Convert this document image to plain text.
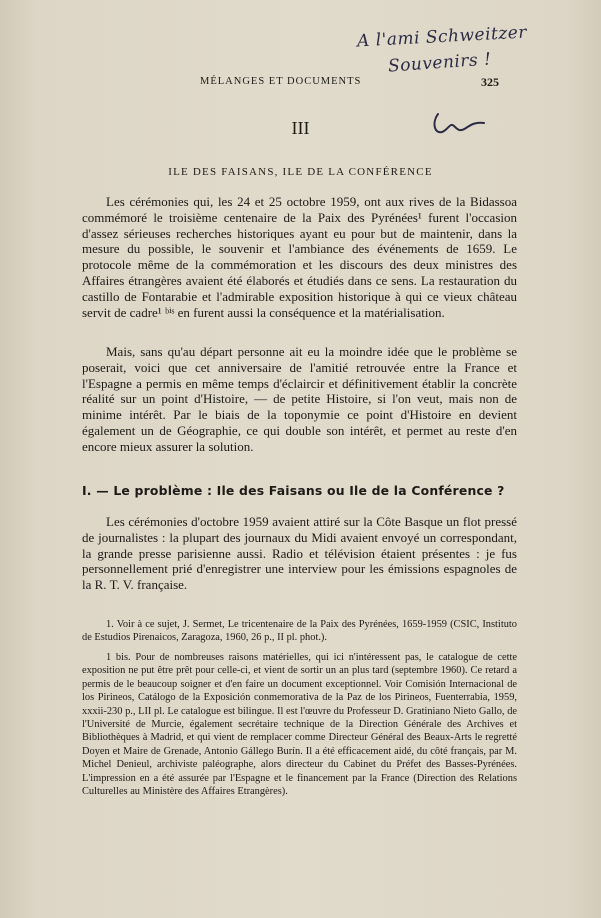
A l'ami Schweitzer
Souvenirs !
MÉLANGES ET DOCUMENTS	325
III
ILE DES FAISANS, ILE DE LA CONFÉRENCE

Les cérémonies qui, les 24 et 25 octobre 1959, ont aux rives de la Bidassoa commémoré le troisième centenaire de la Paix des Pyrénées¹ furent l'occasion d'assez sérieuses recherches historiques ayant eu pour but de maintenir, dans la mesure du possible, le souvenir et l'ambiance des événements de 1659. Le protocole même de la commémoration et les discours des deux ministres des Affaires étrangères avaient été élaborés et étudiés dans ce sens. La restauration du castillo de Fontarabie et l'admirable exposition historique à qui ce vieux château servit de cadre¹ ᵇⁱˢ en furent aussi la conséquence et la matérialisation.

Mais, sans qu'au départ personne ait eu la moindre idée que le problème se poserait, voici que cet anniversaire de l'amitié retrouvée entre la France et l'Espagne a permis en même temps d'éclaircir et définitivement établir la concrète réalité sur un point d'Histoire, — de petite Histoire, si l'on veut, mais non de minime intérêt. Par le biais de la toponymie ce point d'Histoire en devient également un de Géographie, ce qui double son intérêt, et permet au reste d'en encore mieux assurer la solution.

I. — Le problème : Ile des Faisans ou Ile de la Conférence ?

Les cérémonies d'octobre 1959 avaient attiré sur la Côte Basque un flot pressé de journalistes : la plupart des journaux du Midi avaient envoyé un correspondant, la grande presse parisienne aussi. Radio et télévision étaient présentes : je fus personnellement prié d'enregistrer une interview pour les émissions espagnoles de la R. T. V. française.

1. Voir à ce sujet, J. Sermet, Le tricentenaire de la Paix des Pyrénées, 1659-1959 (CSIC, Instituto de Estudios Pirenaicos, Zaragoza, 1960, 26 p., II pl. phot.).

1 bis. Pour de nombreuses raisons matérielles, qui ici n'intéressent pas, le catalogue de cette exposition ne put être prêt pour celle-ci, et vient de sortir un an plus tard (septembre 1960). Ce retard a permis de le beaucoup soigner et d'en faire un document exceptionnel. Voir Comisión Internacional de los Pirineos, Catálogo de la Exposición conmemorativa de la Paz de los Pirineos, Fuenterrabia, 1959, xxxii-230 p., LII pl. Le catalogue est bilingue. Il est l'œuvre du Professeur D. Gratiniano Nieto Gallo, de l'Université de Murcie, également secrétaire technique de la Direction Générale des Archives et Bibliothèques à Madrid, et qui vient de remplacer comme Directeur Général des Beaux-Arts le regretté Doyen et Maire de Grenade, Antonio Gállego Burín. Il a été efficacement aidé, du côté français, par M. Michel Denieul, archiviste paléographe, alors directeur du Cabinet du Préfet des Basses-Pyrénées. L'impression en a été assurée par l'Espagne et le financement par la France (Direction des Relations Culturelles au Ministère des Affaires Etrangères).
